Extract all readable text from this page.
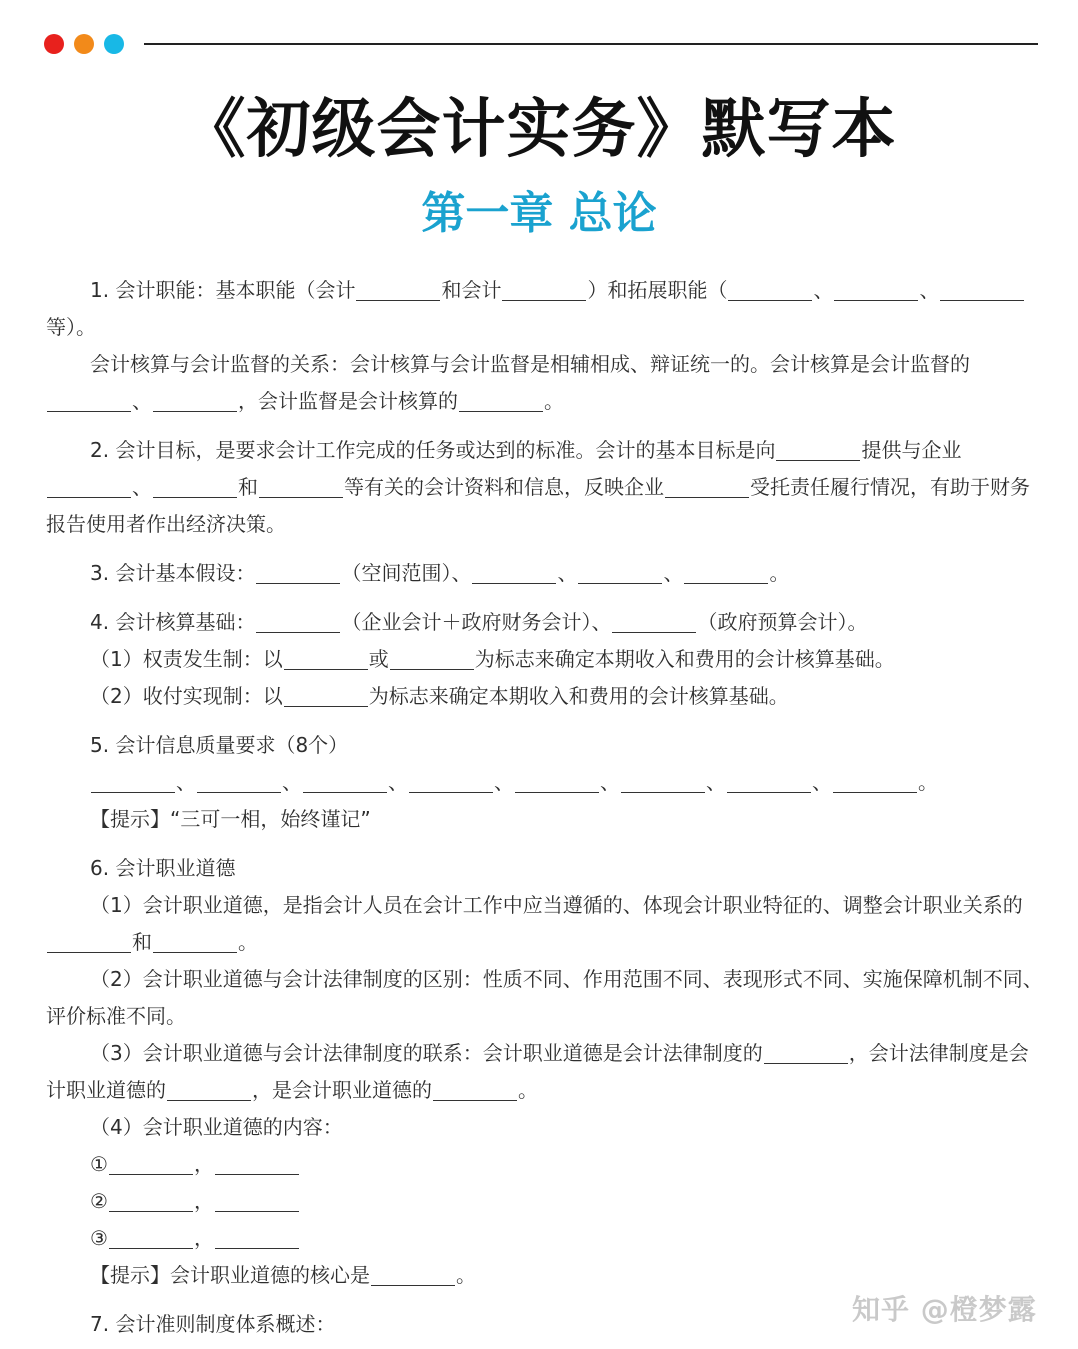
《初级会计实务》默写本
第一章 总论

1. 会计职能：基本职能（会计	和会计	）和拓展职能（	、	、等）。

会计核算与会计监督的关系：会计核算与会计监督是相辅相成、辩证统一的。会计核算是会计监督的、	，会计监督是会计核算的	。

2. 会计目标，是要求会计工作完成的任务或达到的标准。会计的基本目标是向	提供与企业、	和	等有关的会计资料和信息，反映企业	受托责任履行情况，有助于财务报告使用者作出经济决策。

3. 会计基本假设：	（空间范围）、	、	、	。

4. 会计核算基础：	（企业会计＋政府财务会计）、	（政府预算会计）。

（1）权责发生制：以	或	为标志来确定本期收入和费用的会计核算基础。

（2）收付实现制：以	为标志来确定本期收入和费用的会计核算基础。

5. 会计信息质量要求（8个）

、	、	、	、	、	、	、	。

【提示】“三可一相，始终谨记”

6. 会计职业道德

（1）会计职业道德，是指会计人员在会计工作中应当遵循的、体现会计职业特征的、调整会计职业关系的和	。

（2）会计职业道德与会计法律制度的区别：性质不同、作用范围不同、表现形式不同、实施保障机制不同、评价标准不同。

（3）会计职业道德与会计法律制度的联系：会计职业道德是会计法律制度的	，会计法律制度是会计职业道德的	，是会计职业道德的	。

（4）会计职业道德的内容：

①	，

②	，

③	，

【提示】会计职业道德的核心是	。

7. 会计准则制度体系概述：	知乎 @橙梦露
